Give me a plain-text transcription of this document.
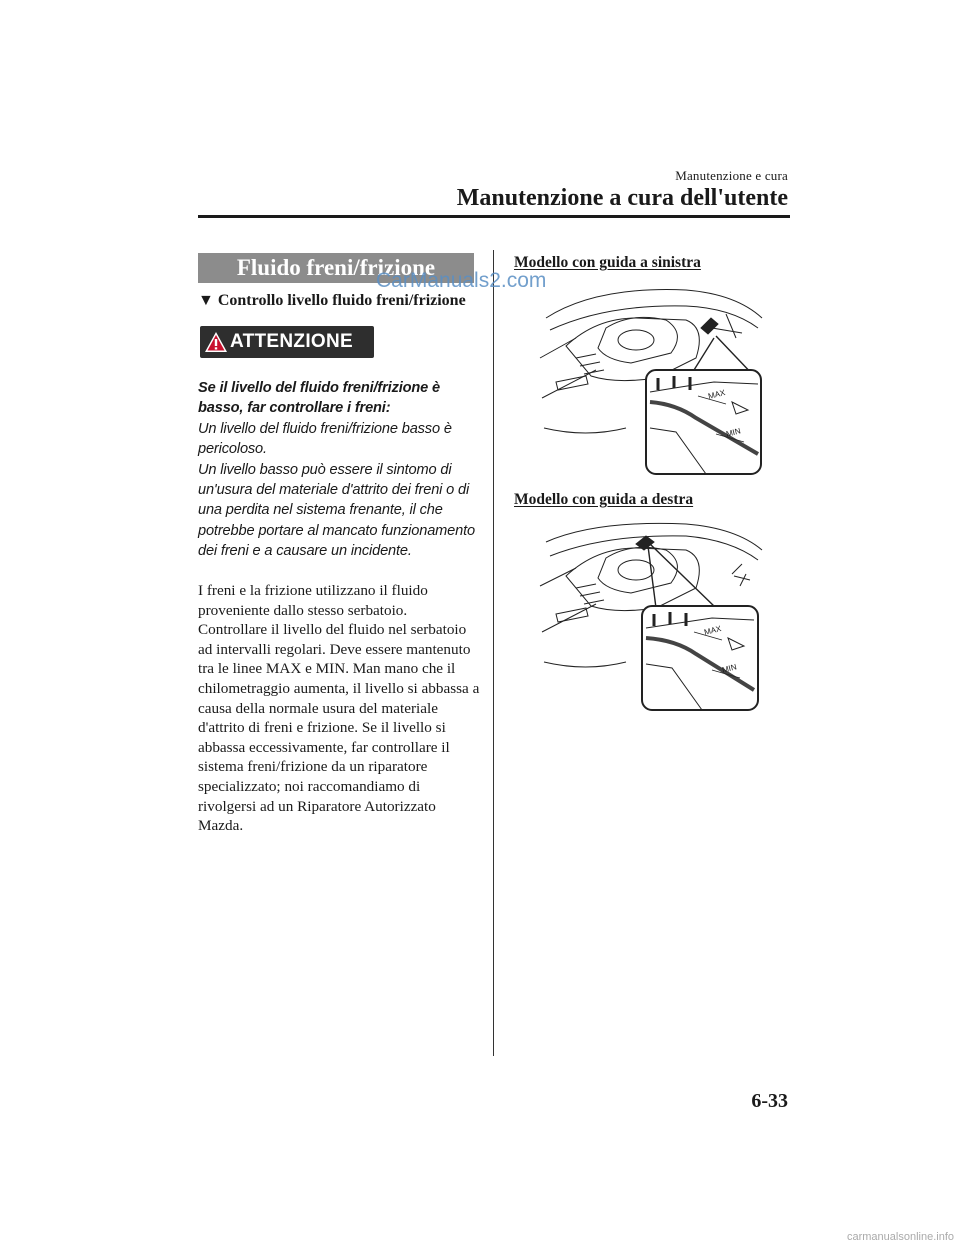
Manutenzione e cura
Manutenzione a cura dell'utente
Fluido freni/frizione
▼ Controllo livello fluido freni/frizione
ATTENZIONE

Se il livello del fluido freni/frizione è basso, far controllare i freni:

Un livello del fluido freni/frizione basso è pericoloso.

Un livello basso può essere il sintomo di un'usura del materiale d'attrito dei freni o di una perdita nel sistema frenante, il che potrebbe portare al mancato funzionamento dei freni e a causare un incidente.

I freni e la frizione utilizzano il fluido proveniente dallo stesso serbatoio. Controllare il livello del fluido nel serbatoio ad intervalli regolari. Deve essere mantenuto tra le linee MAX e MIN. Man mano che il chilometraggio aumenta, il livello si abbassa a causa della normale usura del materiale d'attrito di freni e frizione. Se il livello si abbassa eccessivamente, far controllare il sistema freni/frizione da un riparatore specializzato; noi raccomandiamo di rivolgersi ad un Riparatore Autorizzato Mazda.
Modello con guida a sinistra
MAX
MIN
Modello con guida a destra
MAX
MIN
6-33
CarManuals2.com
carmanualsonline.info
